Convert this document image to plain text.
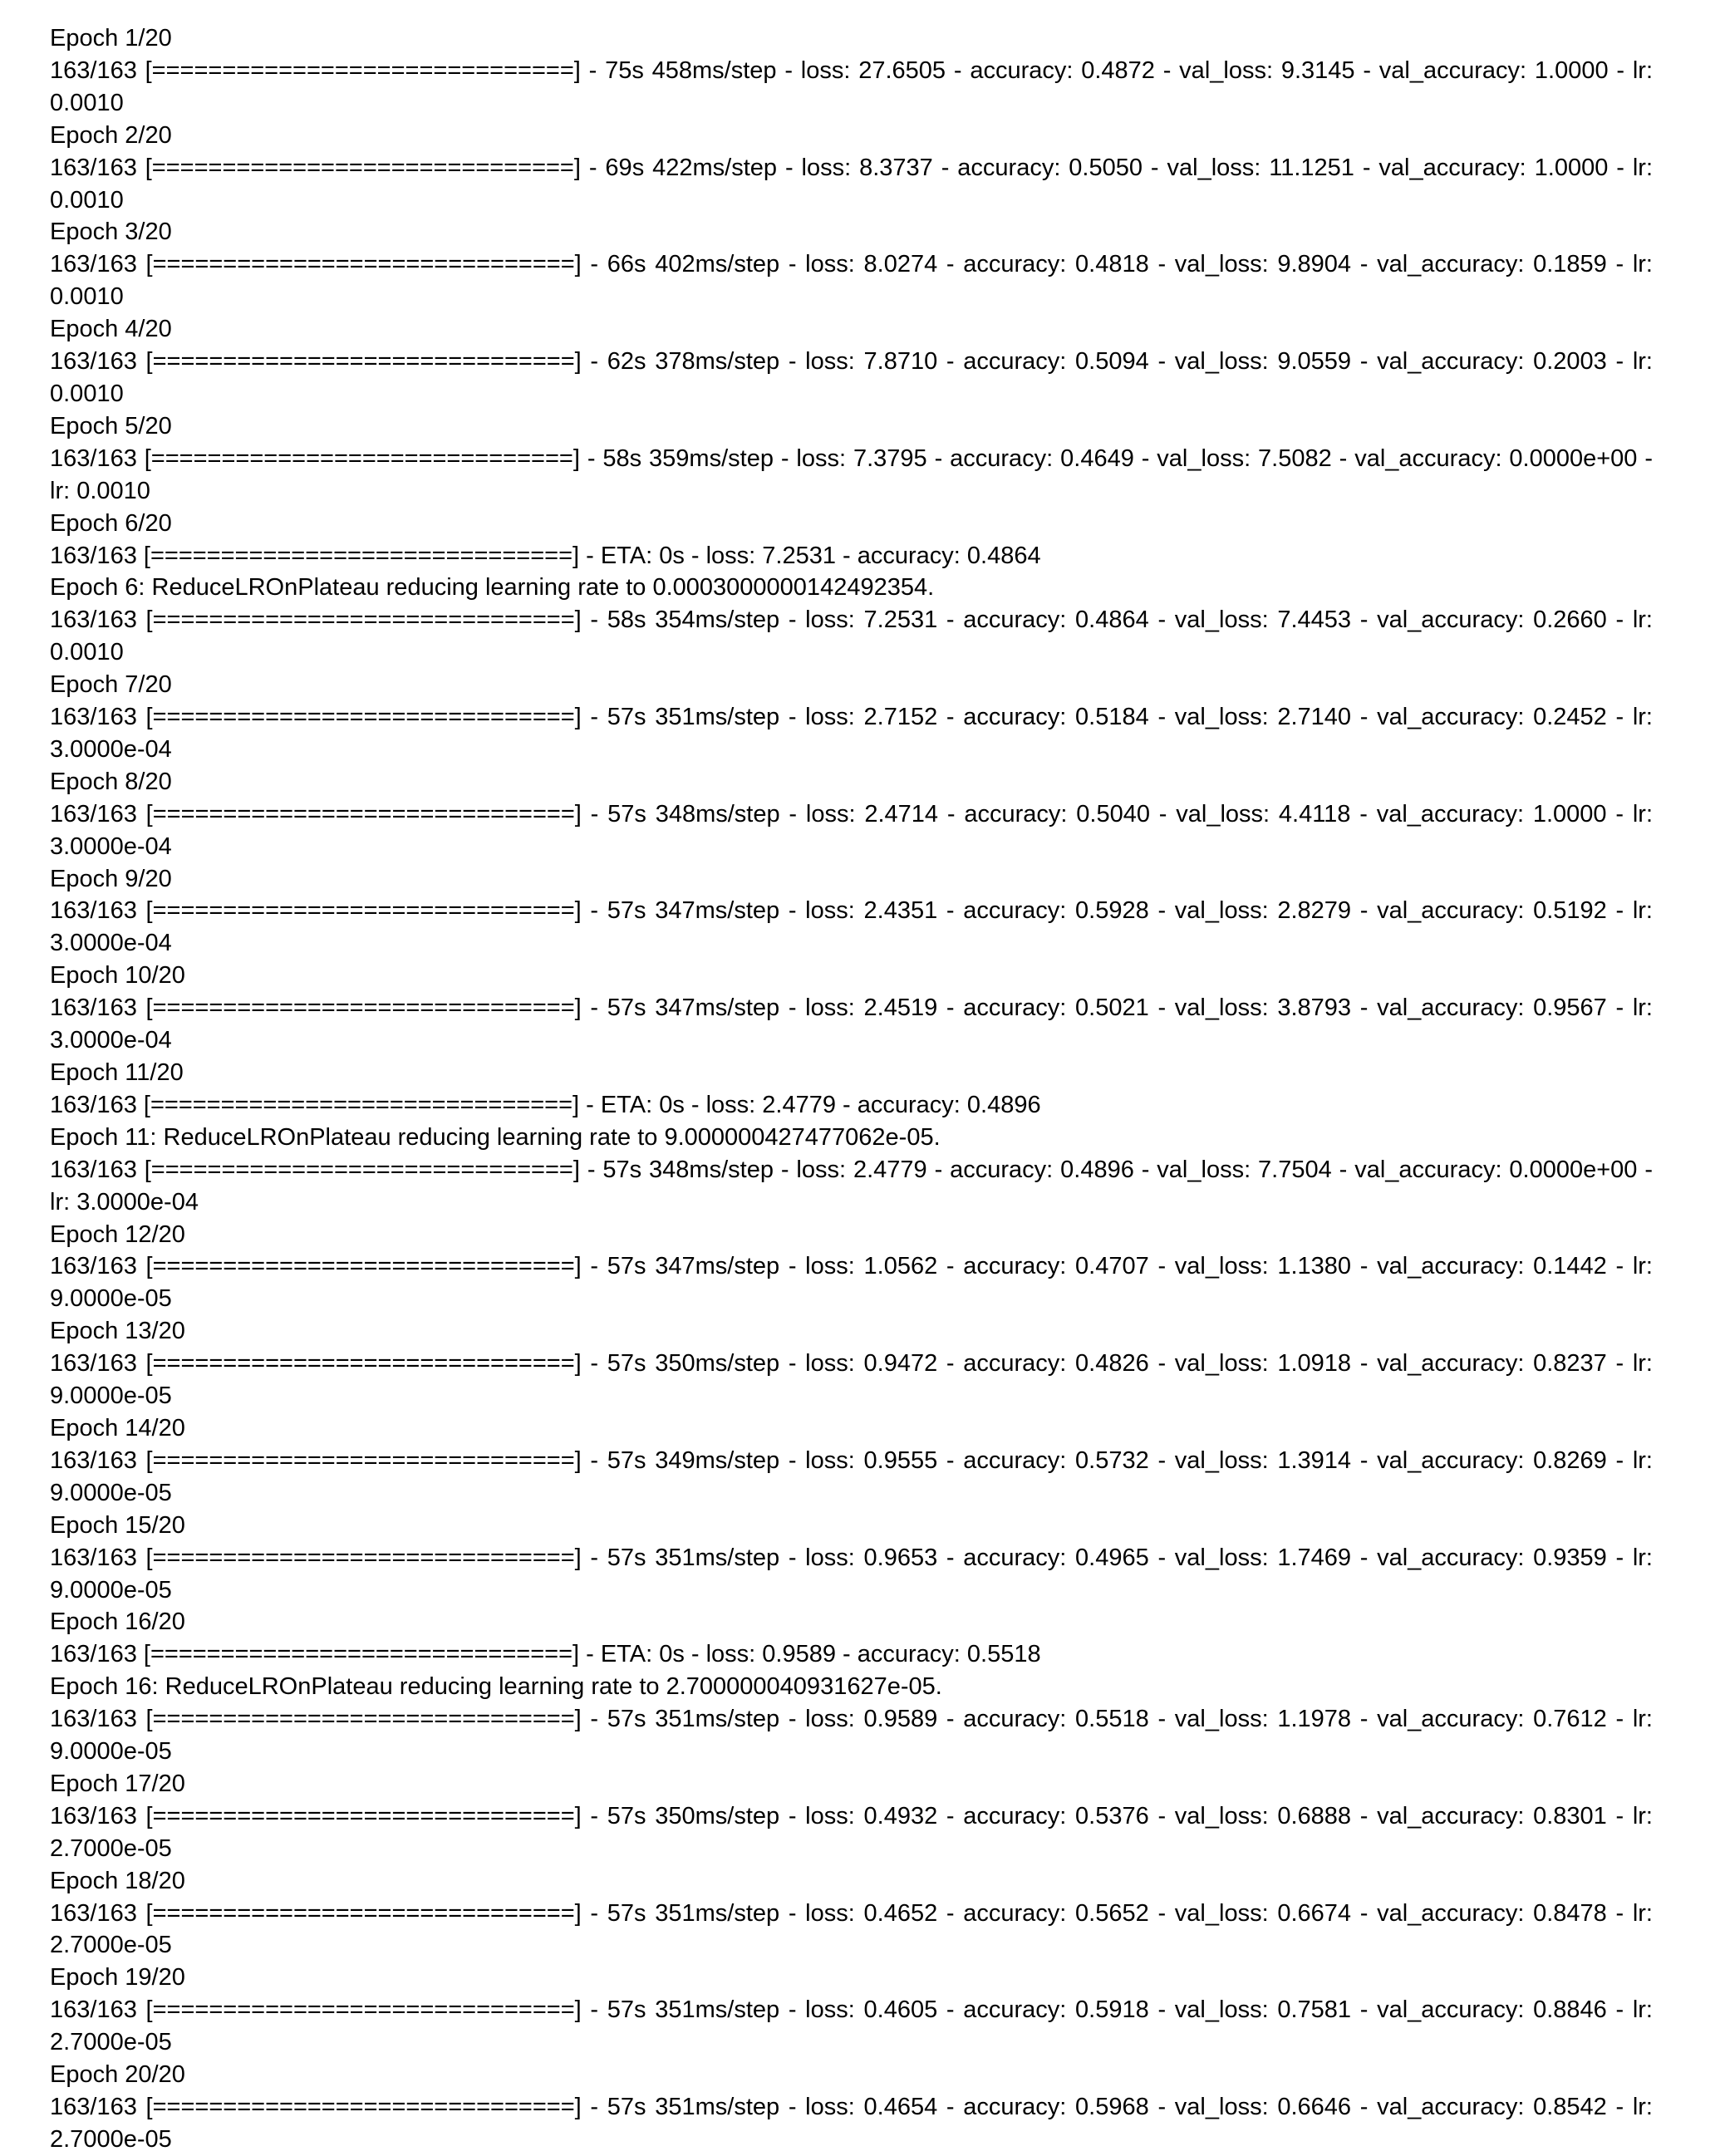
Epoch 1/20
163/163 [==============================] - 75s 458ms/step - loss: 27.6505 - accuracy: 0.4872 - val_loss: 9.3145 - val_accuracy: 1.0000 - lr: 0.0010
Epoch 2/20
163/163 [==============================] - 69s 422ms/step - loss: 8.3737 - accuracy: 0.5050 - val_loss: 11.1251 - val_accuracy: 1.0000 - lr: 0.0010
Epoch 3/20
163/163 [==============================] - 66s 402ms/step - loss: 8.0274 - accuracy: 0.4818 - val_loss: 9.8904 - val_accuracy: 0.1859 - lr: 0.0010
Epoch 4/20
163/163 [==============================] - 62s 378ms/step - loss: 7.8710 - accuracy: 0.5094 - val_loss: 9.0559 - val_accuracy: 0.2003 - lr: 0.0010
Epoch 5/20
163/163 [==============================] - 58s 359ms/step - loss: 7.3795 - accuracy: 0.4649 - val_loss: 7.5082 - val_accuracy: 0.0000e+00 - lr: 0.0010
Epoch 6/20
163/163 [==============================] - ETA: 0s - loss: 7.2531 - accuracy: 0.4864
Epoch 6: ReduceLROnPlateau reducing learning rate to 0.0003000000142492354.
163/163 [==============================] - 58s 354ms/step - loss: 7.2531 - accuracy: 0.4864 - val_loss: 7.4453 - val_accuracy: 0.2660 - lr: 0.0010
Epoch 7/20
163/163 [==============================] - 57s 351ms/step - loss: 2.7152 - accuracy: 0.5184 - val_loss: 2.7140 - val_accuracy: 0.2452 - lr: 3.0000e-04
Epoch 8/20
163/163 [==============================] - 57s 348ms/step - loss: 2.4714 - accuracy: 0.5040 - val_loss: 4.4118 - val_accuracy: 1.0000 - lr: 3.0000e-04
Epoch 9/20
163/163 [==============================] - 57s 347ms/step - loss: 2.4351 - accuracy: 0.5928 - val_loss: 2.8279 - val_accuracy: 0.5192 - lr: 3.0000e-04
Epoch 10/20
163/163 [==============================] - 57s 347ms/step - loss: 2.4519 - accuracy: 0.5021 - val_loss: 3.8793 - val_accuracy: 0.9567 - lr: 3.0000e-04
Epoch 11/20
163/163 [==============================] - ETA: 0s - loss: 2.4779 - accuracy: 0.4896
Epoch 11: ReduceLROnPlateau reducing learning rate to 9.000000427477062e-05.
163/163 [==============================] - 57s 348ms/step - loss: 2.4779 - accuracy: 0.4896 - val_loss: 7.7504 - val_accuracy: 0.0000e+00 - lr: 3.0000e-04
Epoch 12/20
163/163 [==============================] - 57s 347ms/step - loss: 1.0562 - accuracy: 0.4707 - val_loss: 1.1380 - val_accuracy: 0.1442 - lr: 9.0000e-05
Epoch 13/20
163/163 [==============================] - 57s 350ms/step - loss: 0.9472 - accuracy: 0.4826 - val_loss: 1.0918 - val_accuracy: 0.8237 - lr: 9.0000e-05
Epoch 14/20
163/163 [==============================] - 57s 349ms/step - loss: 0.9555 - accuracy: 0.5732 - val_loss: 1.3914 - val_accuracy: 0.8269 - lr: 9.0000e-05
Epoch 15/20
163/163 [==============================] - 57s 351ms/step - loss: 0.9653 - accuracy: 0.4965 - val_loss: 1.7469 - val_accuracy: 0.9359 - lr: 9.0000e-05
Epoch 16/20
163/163 [==============================] - ETA: 0s - loss: 0.9589 - accuracy: 0.5518
Epoch 16: ReduceLROnPlateau reducing learning rate to 2.700000040931627e-05.
163/163 [==============================] - 57s 351ms/step - loss: 0.9589 - accuracy: 0.5518 - val_loss: 1.1978 - val_accuracy: 0.7612 - lr: 9.0000e-05
Epoch 17/20
163/163 [==============================] - 57s 350ms/step - loss: 0.4932 - accuracy: 0.5376 - val_loss: 0.6888 - val_accuracy: 0.8301 - lr: 2.7000e-05
Epoch 18/20
163/163 [==============================] - 57s 351ms/step - loss: 0.4652 - accuracy: 0.5652 - val_loss: 0.6674 - val_accuracy: 0.8478 - lr: 2.7000e-05
Epoch 19/20
163/163 [==============================] - 57s 351ms/step - loss: 0.4605 - accuracy: 0.5918 - val_loss: 0.7581 - val_accuracy: 0.8846 - lr: 2.7000e-05
Epoch 20/20
163/163 [==============================] - 57s 351ms/step - loss: 0.4654 - accuracy: 0.5968 - val_loss: 0.6646 - val_accuracy: 0.8542 - lr: 2.7000e-05
